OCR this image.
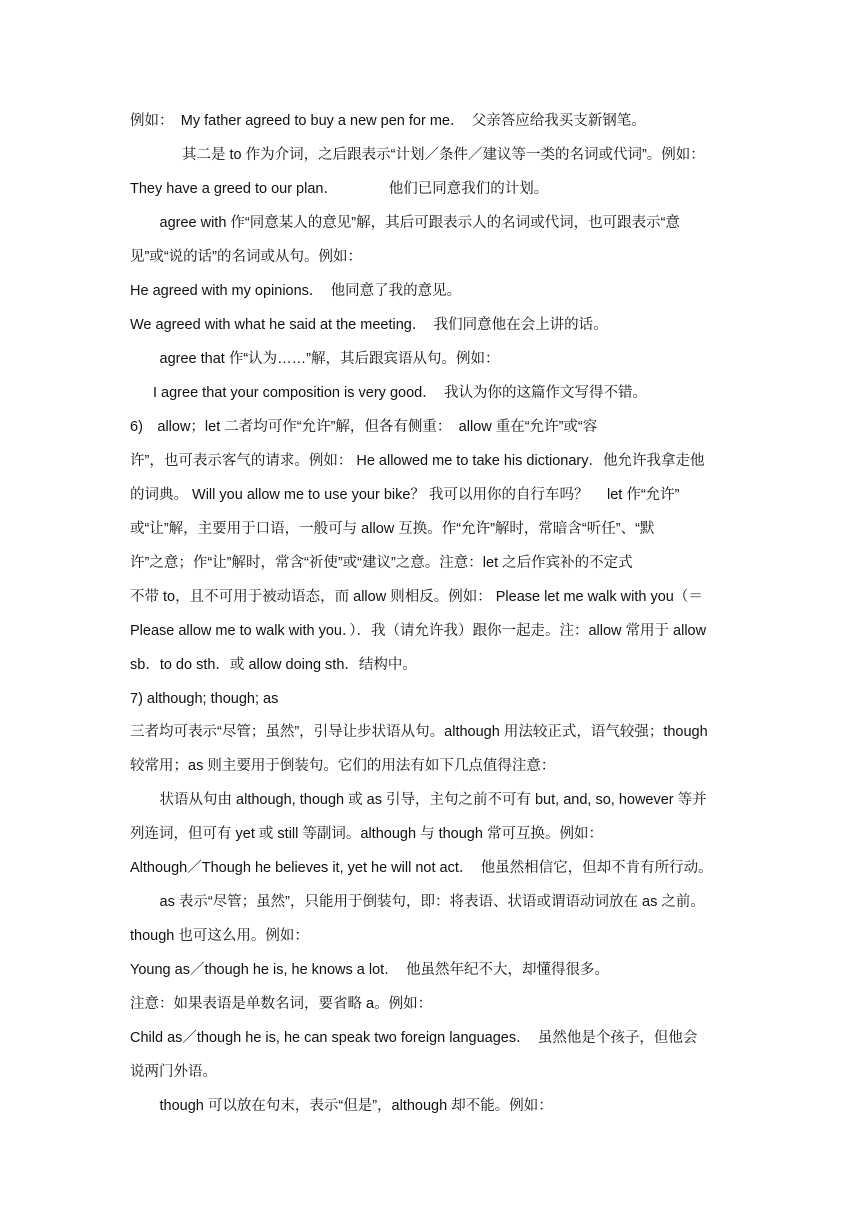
例如：　My father agreed to buy a new pen for me．　父亲答应给我买支新钢笔。
　　其二是 to 作为介词，之后跟表示“计划／条件／建议等一类的名词或代词”。例如：
They have a greed to our plan．　　　　他们已同意我们的计划。
　agree with 作“同意某人的意见”解，其后可跟表示人的名词或代词，也可跟表示“意
见”或“说的话”的名词或从句。例如：
He agreed with my opinions．　他同意了我的意见。
We agreed with what he said at the meeting．　我们同意他在会上讲的话。
　agree that 作“认为……”解，其后跟宾语从句。例如：
I agree that your composition is very good．　我认为你的这篇作文写得不错。
6)　allow；let 二者均可作“允许”解，但各有侧重：　allow 重在“允许”或“容
许”，也可表示客气的请求。例如： He allowed me to take his dictionary．他允许我拿走他
的词典。 Will you allow me to use your bike？ 我可以用你的自行车吗？　 let 作“允许”
或“让”解，主要用于口语，一般可与 allow 互换。作“允许”解时，常暗含“听任”、“默
许”之意；作“让”解时，常含“祈使”或“建议”之意。注意：let 之后作宾补的不定式
不带 to，且不可用于被动语态，而 allow 则相反。例如： Please let me walk with you（＝
Please allow me to walk with you．）．我（请允许我）跟你一起走。注：allow 常用于 allow
sb．to do sth．或 allow doing sth．结构中。
7) although; though; as
三者均可表示“尽管；虽然”，引导让步状语从句。although 用法较正式，语气较强；though
较常用；as 则主要用于倒装句。它们的用法有如下几点值得注意：
　状语从句由 although, though 或 as 引导，主句之前不可有 but, and, so, however 等并
列连词，但可有 yet 或 still 等副词。although 与 though 常可互换。例如：
Although／Though he believes it, yet he will not act．　他虽然相信它，但却不肯有所行动。
　as 表示“尽管；虽然”，只能用于倒装句，即：将表语、状语或谓语动词放在 as 之前。
though 也可这么用。例如：
Young as／though he is, he knows a lot．　他虽然年纪不大，却懂得很多。
注意：如果表语是单数名词，要省略 a。例如：
Child as／though he is, he can speak two foreign languages．　虽然他是个孩子，但他会
说两门外语。
　though 可以放在句末，表示“但是”，although 却不能。例如：
